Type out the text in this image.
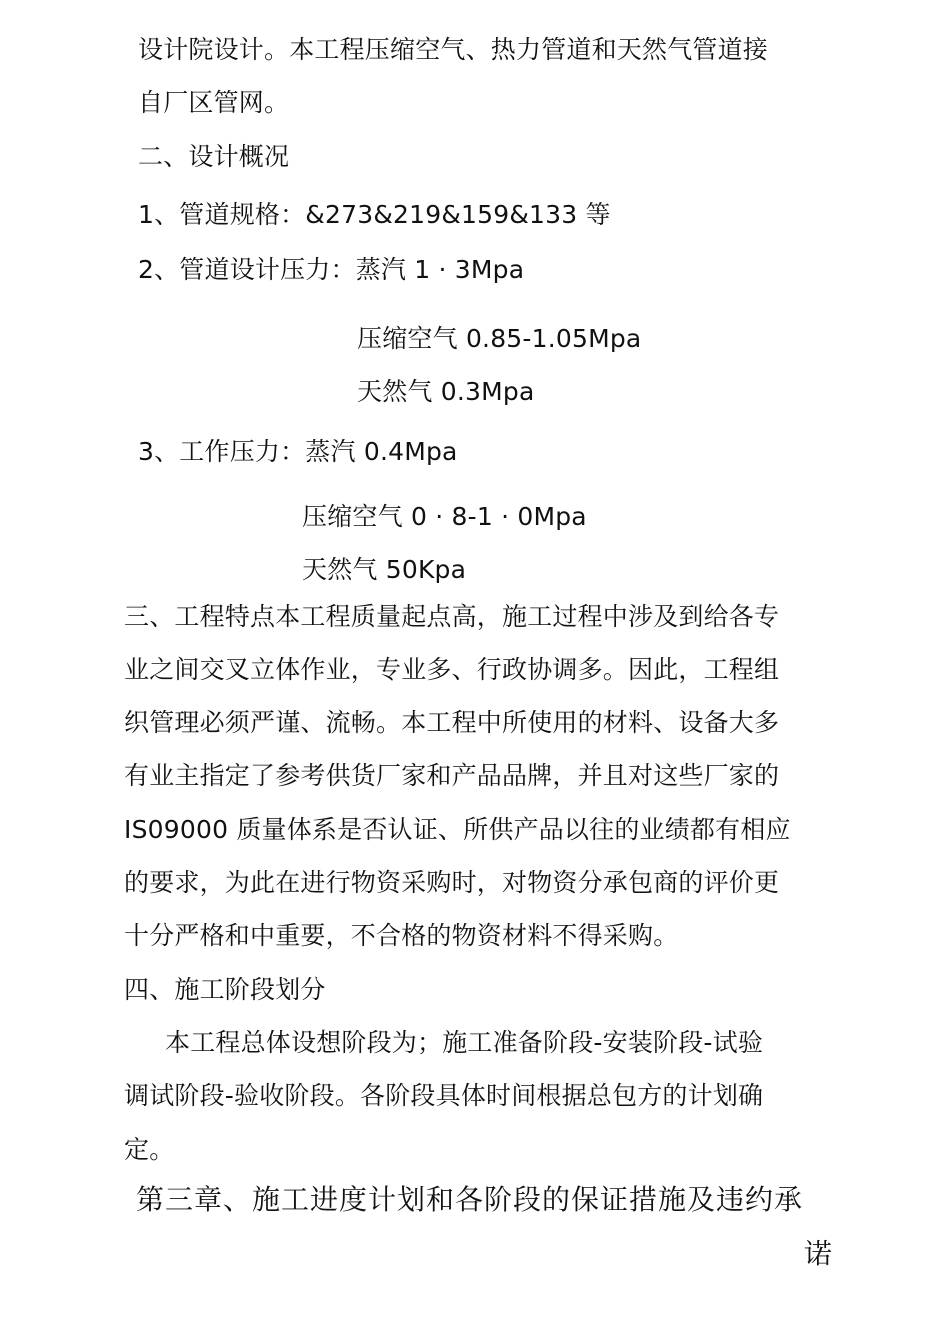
设计院设计。本工程压缩空气、热力管道和天然气管道接
自厂区管网。
二、设计概况
1、管道规格：&273&219&159&133 等
2、管道设计压力：蒸汽 1 · 3Mpa
压缩空气 0.85-1.05Mpa
天然气 0.3Mpa
3、工作压力：蒸汽 0.4Mpa
压缩空气 0 · 8-1 · 0Mpa
天然气 50Kpa
三、工程特点本工程质量起点高，施工过程中涉及到给各专
业之间交叉立体作业，专业多、行政协调多。因此，工程组
织管理必须严谨、流畅。本工程中所使用的材料、设备大多
有业主指定了参考供货厂家和产品品牌，并且对这些厂家的
IS09000 质量体系是否认证、所供产品以往的业绩都有相应
的要求，为此在进行物资采购时，对物资分承包商的评价更
十分严格和中重要，不合格的物资材料不得采购。
四、施工阶段划分
本工程总体设想阶段为；施工准备阶段-安装阶段-试验
调试阶段-验收阶段。各阶段具体时间根据总包方的计划确
定。
第三章、施工进度计划和各阶段的保证措施及违约承
诺
